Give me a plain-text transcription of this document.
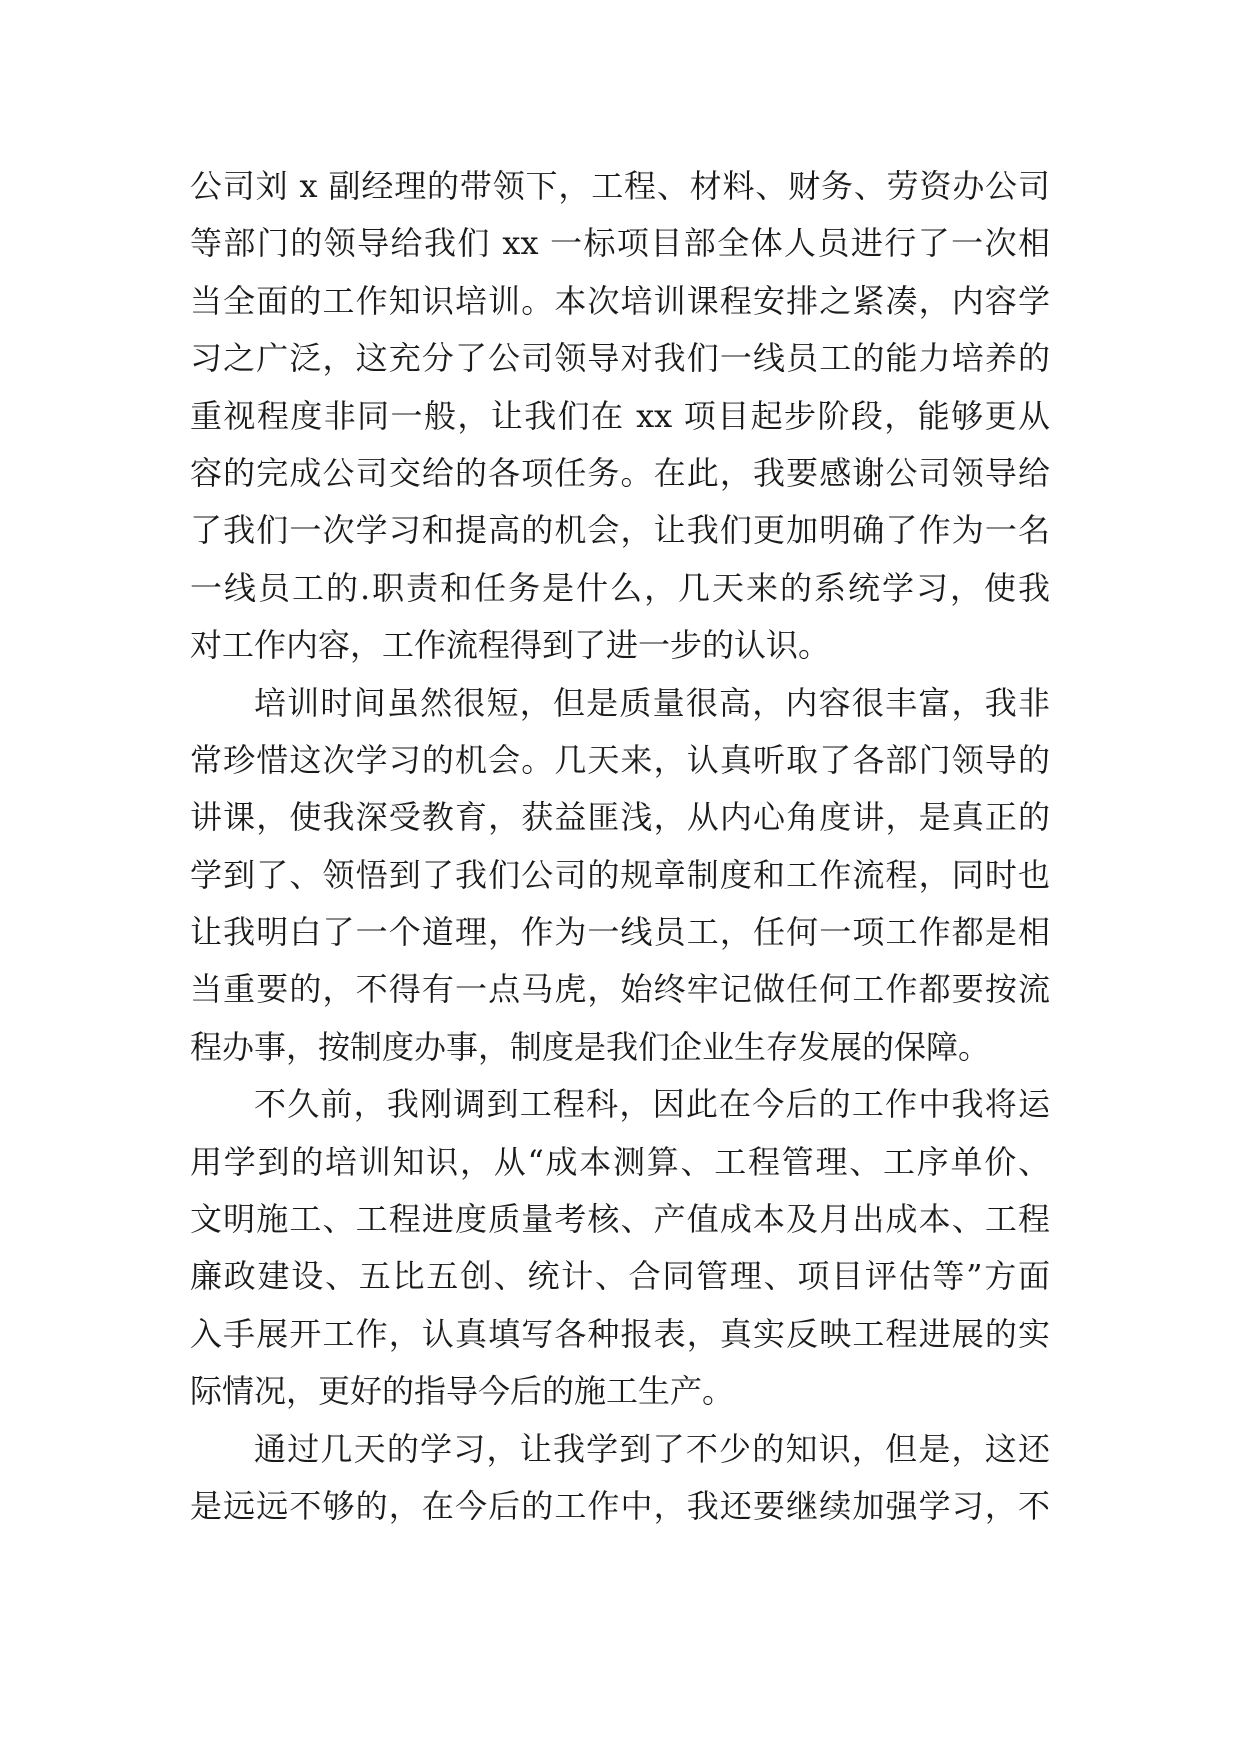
公司刘 x 副经理的带领下，工程、材料、财务、劳资办公司
等部门的领导给我们 xx 一标项目部全体人员进行了一次相
当全面的工作知识培训。本次培训课程安排之紧凑，内容学
习之广泛，这充分了公司领导对我们一线员工的能力培养的
重视程度非同一般，让我们在 xx 项目起步阶段，能够更从
容的完成公司交给的各项任务。在此，我要感谢公司领导给
了我们一次学习和提高的机会，让我们更加明确了作为一名
一线员工的.职责和任务是什么，几天来的系统学习，使我
对工作内容，工作流程得到了进一步的认识。
培训时间虽然很短，但是质量很高，内容很丰富，我非
常珍惜这次学习的机会。几天来，认真听取了各部门领导的
讲课，使我深受教育，获益匪浅，从内心角度讲，是真正的
学到了、领悟到了我们公司的规章制度和工作流程，同时也
让我明白了一个道理，作为一线员工，任何一项工作都是相
当重要的，不得有一点马虎，始终牢记做任何工作都要按流
程办事，按制度办事，制度是我们企业生存发展的保障。
不久前，我刚调到工程科，因此在今后的工作中我将运
用学到的培训知识，从“成本测算、工程管理、工序单价、
文明施工、工程进度质量考核、产值成本及月出成本、工程
廉政建设、五比五创、统计、合同管理、项目评估等”方面
入手展开工作，认真填写各种报表，真实反映工程进展的实
际情况，更好的指导今后的施工生产。
通过几天的学习，让我学到了不少的知识，但是，这还
是远远不够的，在今后的工作中，我还要继续加强学习，不
